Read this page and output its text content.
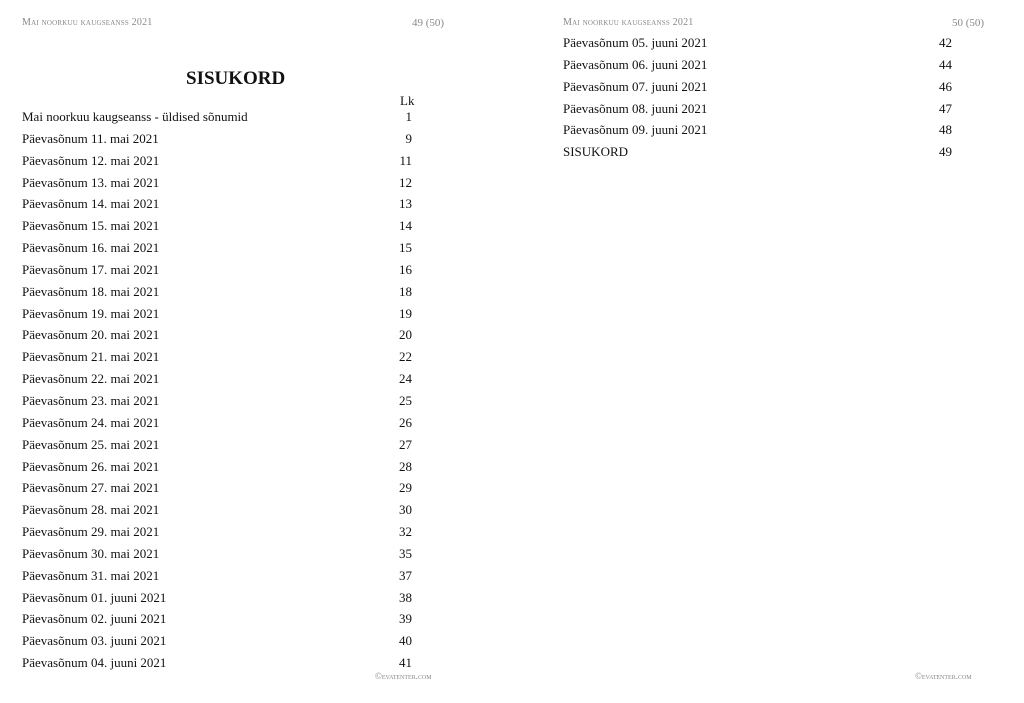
Mai noorkuu kaugseanss 2021	49 (50)
SISUKORD
Lk
Mai noorkuu kaugseanss - üldised sõnumid	1
Päevasõnum 11. mai 2021	9
Päevasõnum 12. mai 2021	11
Päevasõnum 13. mai 2021	12
Päevasõnum 14. mai 2021	13
Päevasõnum 15. mai 2021	14
Päevasõnum 16. mai 2021	15
Päevasõnum 17. mai 2021	16
Päevasõnum 18. mai 2021	18
Päevasõnum 19. mai 2021	19
Päevasõnum 20. mai 2021	20
Päevasõnum 21. mai 2021	22
Päevasõnum 22. mai 2021	24
Päevasõnum 23. mai 2021	25
Päevasõnum 24. mai 2021	26
Päevasõnum 25. mai 2021	27
Päevasõnum 26. mai 2021	28
Päevasõnum 27. mai 2021	29
Päevasõnum 28. mai 2021	30
Päevasõnum 29. mai 2021	32
Päevasõnum 30. mai 2021	35
Päevasõnum 31. mai 2021	37
Päevasõnum 01. juuni 2021	38
Päevasõnum 02. juuni 2021	39
Päevasõnum 03. juuni 2021	40
Päevasõnum 04. juuni 2021	41
©evatenter.com
Mai noorkuu kaugseanss 2021	50 (50)
Päevasõnum 05. juuni 2021	42
Päevasõnum 06. juuni 2021	44
Päevasõnum 07. juuni 2021	46
Päevasõnum 08. juuni 2021	47
Päevasõnum 09. juuni 2021	48
SISUKORD	49
©evatenter.com
